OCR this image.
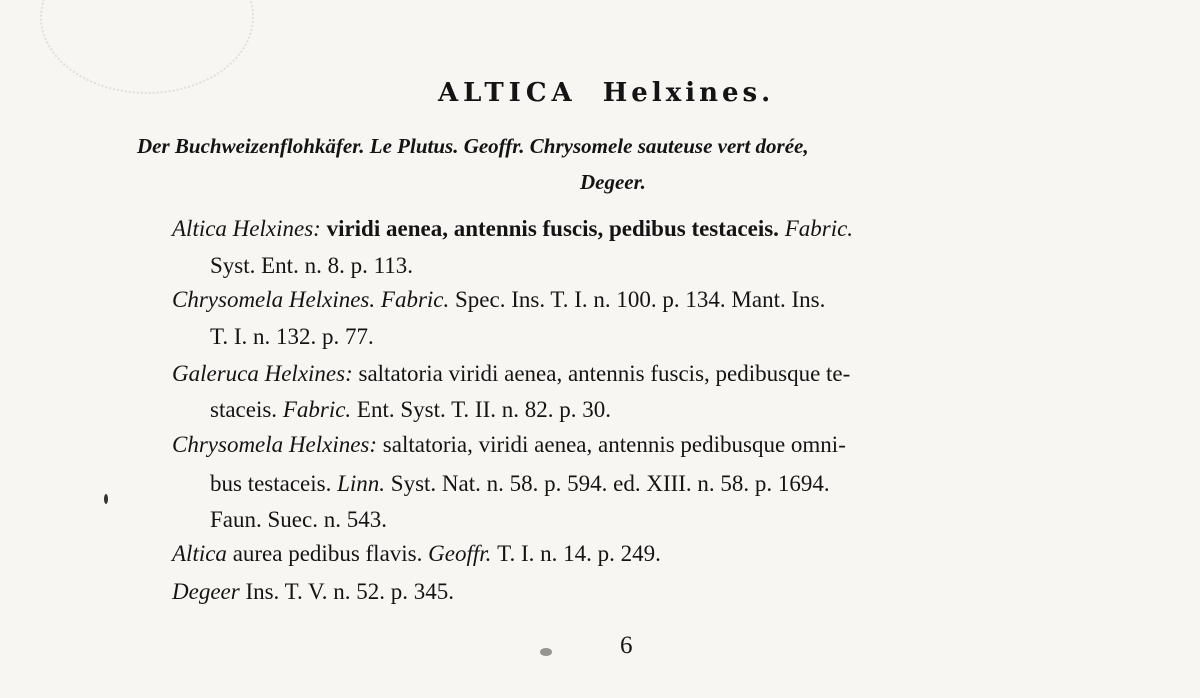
ALTICA Helxines.
Der Buchweizenflohkäfer. Le Plutus. Geoffr. Chrysomele sauteuse vert dorée,
Degeer.
Altica Helxines: viridi aenea, antennis fuscis, pedibus testaceis. Fabric.
Syst. Ent. n. 8. p. 113.
Chrysomela Helxines. Fabric. Spec. Ins. T. I. n. 100. p. 134. Mant. Ins.
T. I. n. 132. p. 77.
Galeruca Helxines: saltatoria viridi aenea, antennis fuscis, pedibusque te-
staceis. Fabric. Ent. Syst. T. II. n. 82. p. 30.
Chrysomela Helxines: saltatoria, viridi aenea, antennis pedibusque omni-
bus testaceis. Linn. Syst. Nat. n. 58. p. 594. ed. XIII. n. 58. p. 1694.
Faun. Suec. n. 543.
Altica aurea pedibus flavis. Geoffr. T. I. n. 14. p. 249.
Degeer Ins. T. V. n. 52. p. 345.
6
